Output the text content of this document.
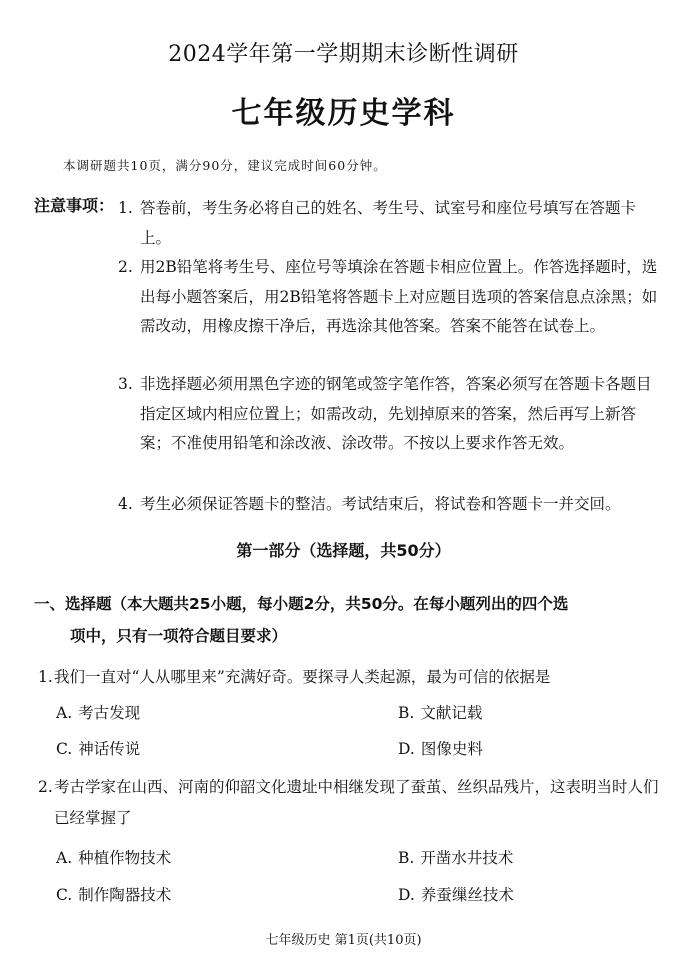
2024学年第一学期期末诊断性调研
七年级历史学科
本调研题共10页，满分90分，建议完成时间60分钟。
注意事项： 1. 答卷前，考生务必将自己的姓名、考生号、试室号和座位号填写在答题卡上。
2. 用2B铅笔将考生号、座位号等填涂在答题卡相应位置上。作答选择题时，选出每小题答案后，用2B铅笔将答题卡上对应题目选项的答案信息点涂黑；如需改动，用橡皮擦干净后，再选涂其他答案。答案不能答在试卷上。
3. 非选择题必须用黑色字迹的钢笔或签字笔作答，答案必须写在答题卡各题目指定区域内相应位置上；如需改动，先划掉原来的答案，然后再写上新答案；不准使用铅笔和涂改液、涂改带。不按以上要求作答无效。
4. 考生必须保证答题卡的整洁。考试结束后，将试卷和答题卡一并交回。
第一部分（选择题，共50分）
一、选择题（本大题共25小题，每小题2分，共50分。在每小题列出的四个选
项中，只有一项符合题目要求）
1. 我们一直对“人从哪里来”充满好奇。要探寻人类起源，最为可信的依据是
A. 考古发现	B. 文献记载
C. 神话传说	D. 图像史料
2. 考古学家在山西、河南的仰韶文化遗址中相继发现了蚕茧、丝织品残片，这表明当时人们已经掌握了
A. 种植作物技术	B. 开凿水井技术
C. 制作陶器技术	D. 养蚕缫丝技术
七年级历史 第1页(共10页)
